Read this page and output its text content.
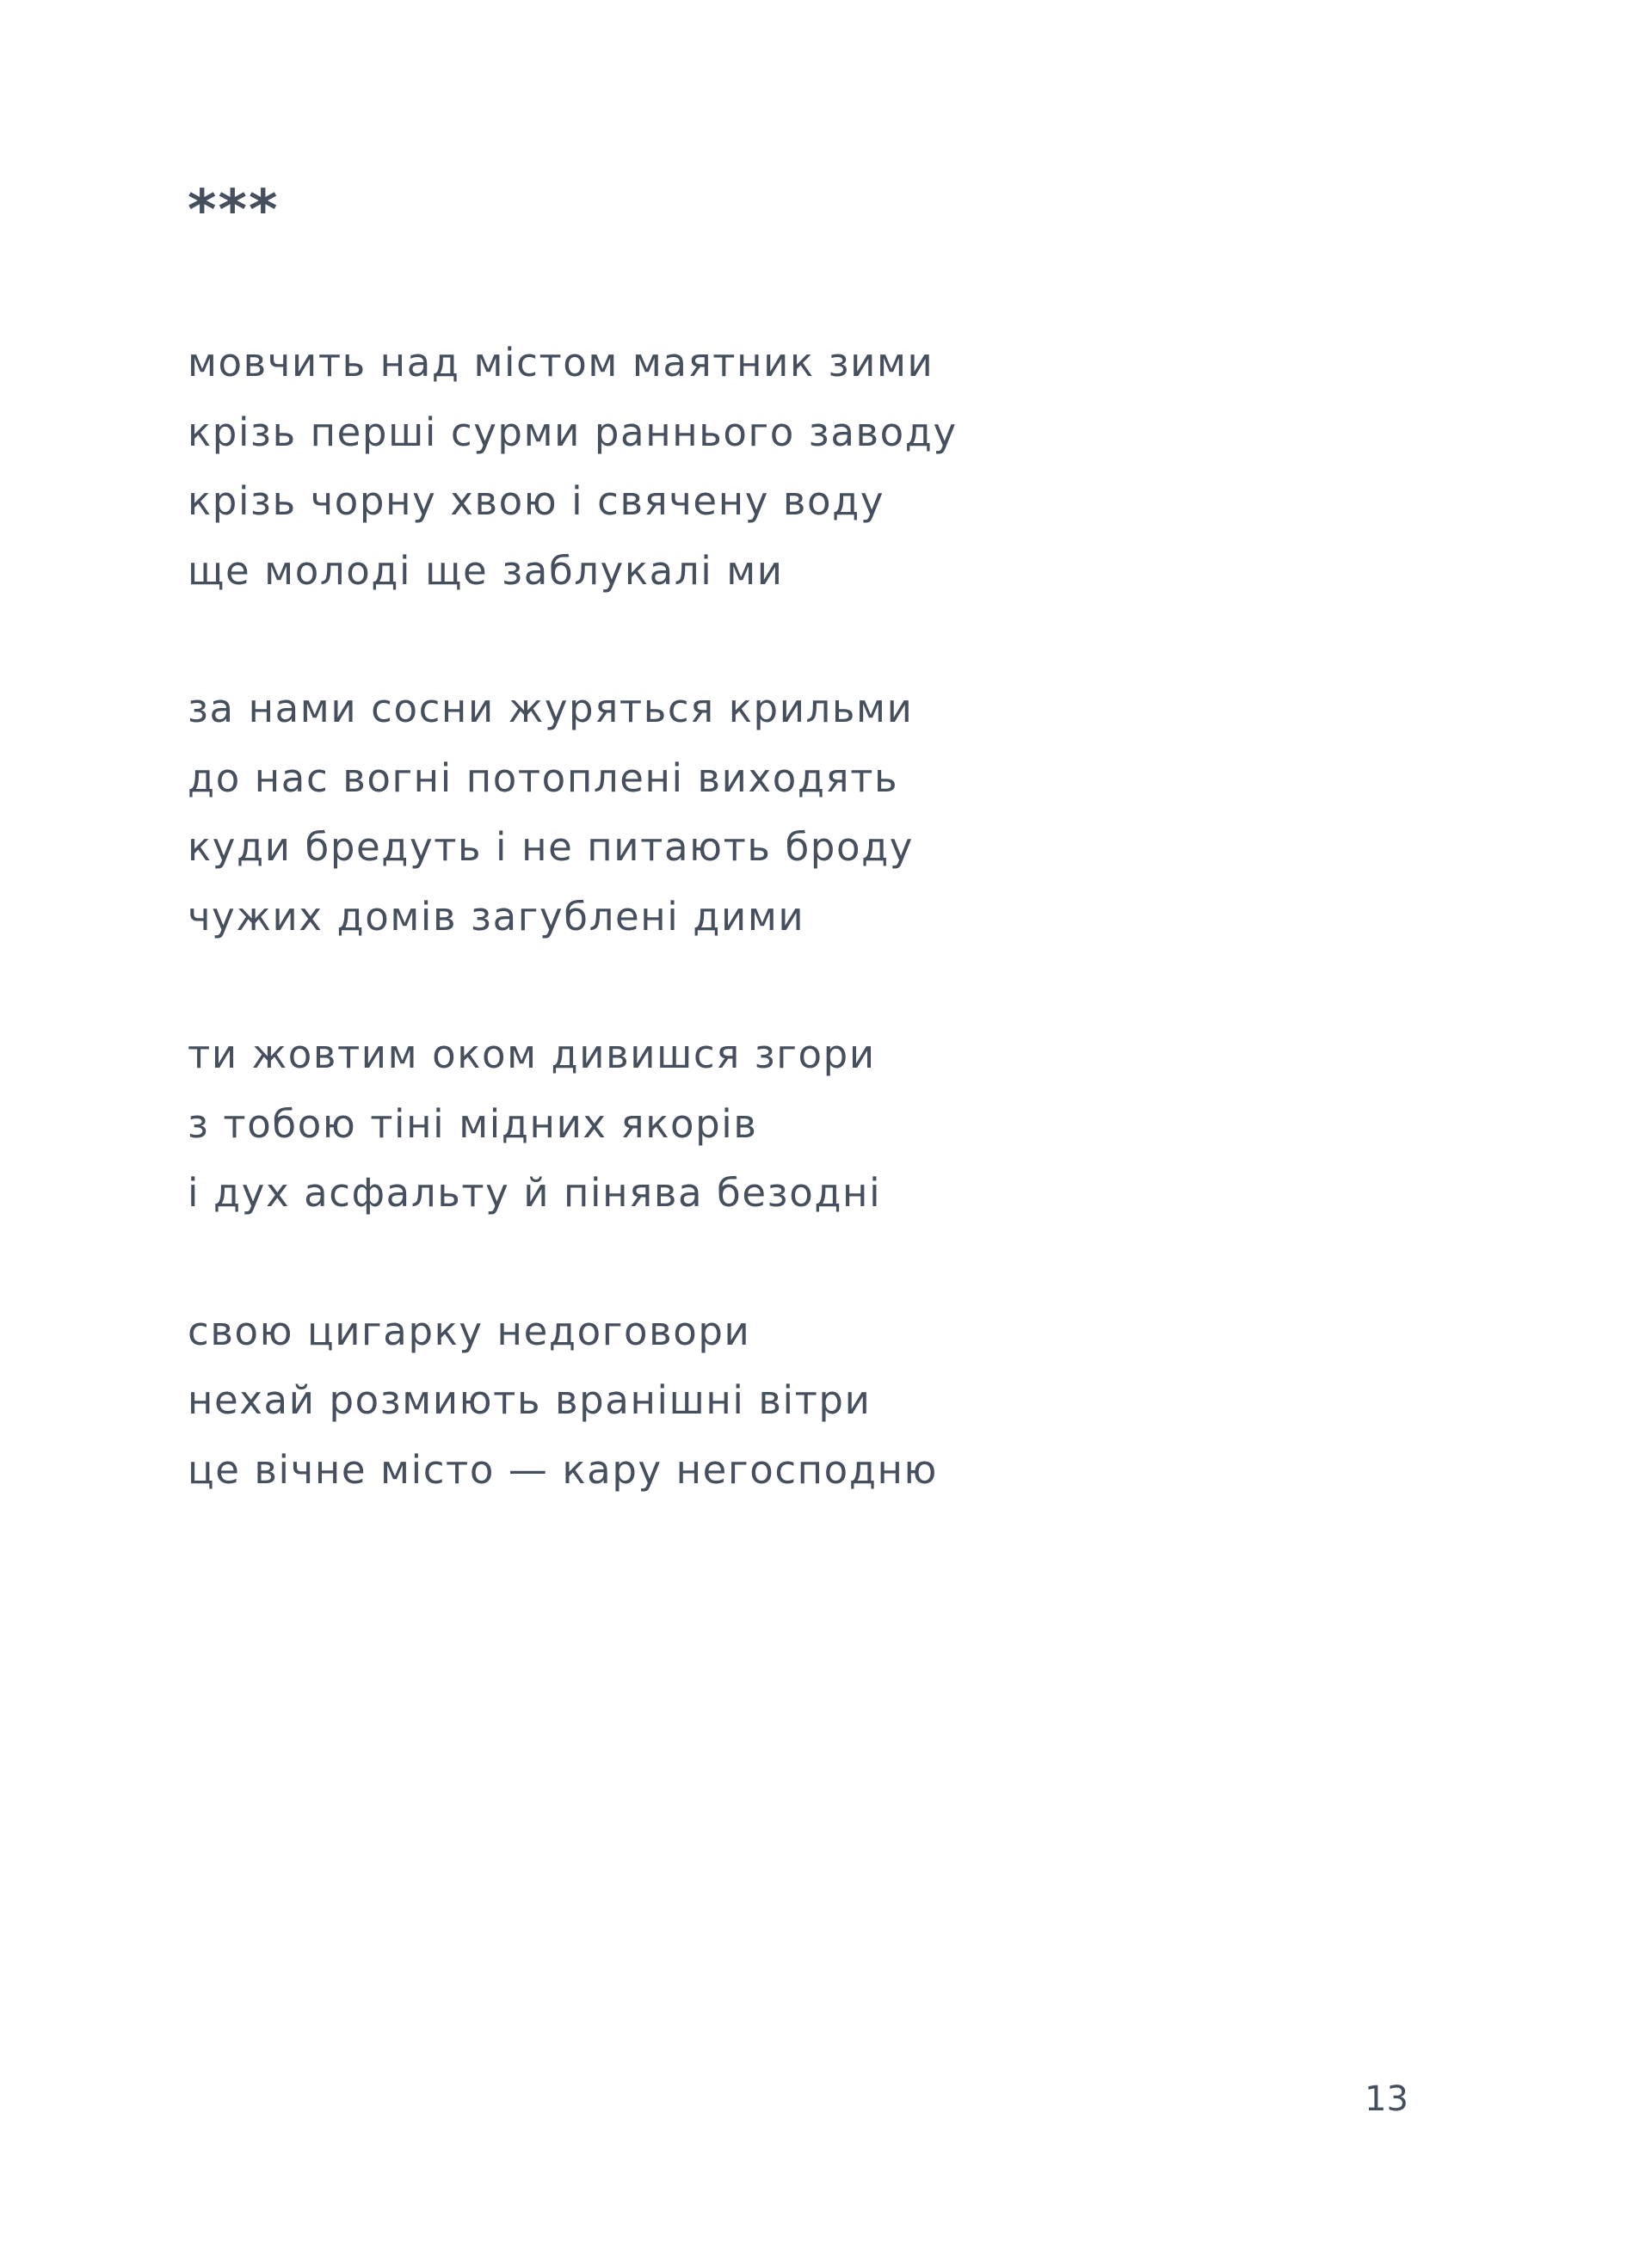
***
мовчить над містом маятник зими
крізь перші сурми раннього заводу
крізь чорну хвою і свячену воду
ще молоді ще заблукалі ми
за нами сосни журяться крильми
до нас вогні потоплені виходять
куди бредуть і не питають броду
чужих домів загублені дими
ти жовтим оком дивишся згори
з тобою тіні мідних якорів
і дух асфальту й пінява безодні
свою цигарку недоговори
нехай розмиють вранішні вітри
це вічне місто — кару негосподню
13
